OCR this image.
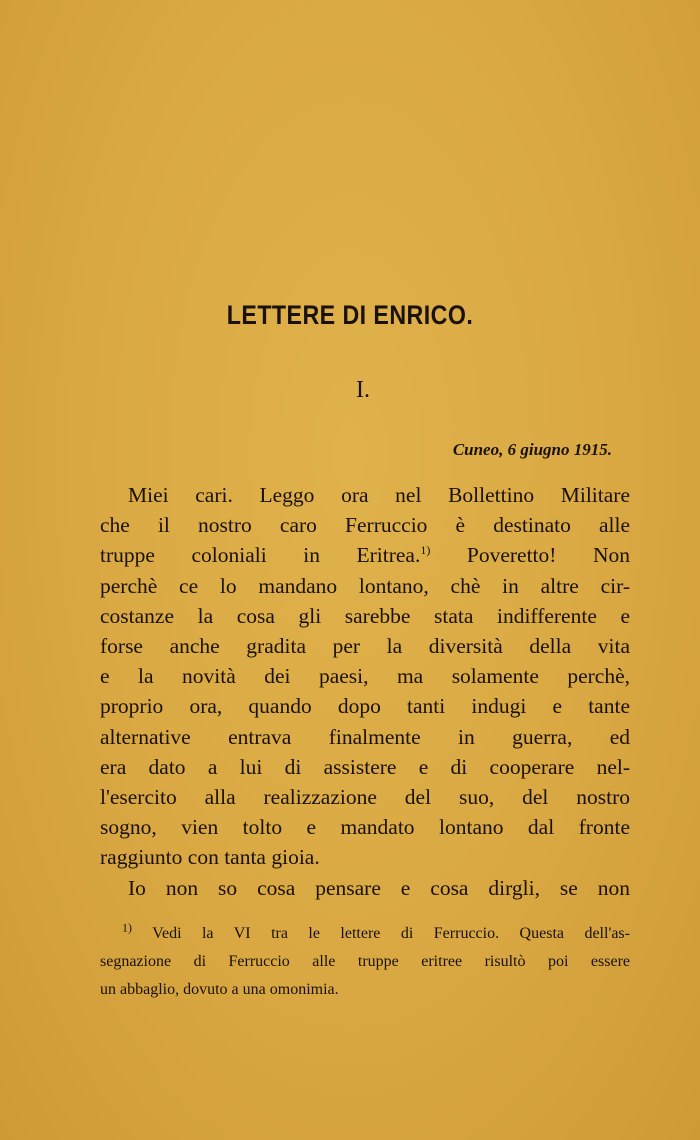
LETTERE DI ENRICO.
I.
Cuneo, 6 giugno 1915.
Miei cari. Leggo ora nel Bollettino Militare
che il nostro caro Ferruccio è destinato alle
truppe coloniali in Eritrea.$^{1)}$ Poveretto! Non
perchè ce lo mandano lontano, chè in altre cir-
costanze la cosa gli sarebbe stata indifferente e
forse anche gradita per la diversità della vita
e la novità dei paesi, ma solamente perchè,
proprio ora, quando dopo tanti indugi e tante
alternative entrava finalmente in guerra, ed
era dato a lui di assistere e di cooperare nel-
l'esercito alla realizzazione del suo, del nostro
sogno, vien tolto e mandato lontano dal fronte
raggiunto con tanta gioia.
Io non so cosa pensare e cosa dirgli, se non
$^{1)}$ Vedi la VI tra le lettere di Ferruccio. Questa dell'as-
segnazione di Ferruccio alle truppe eritree risultò poi essere
un abbaglio, dovuto a una omonimia.
